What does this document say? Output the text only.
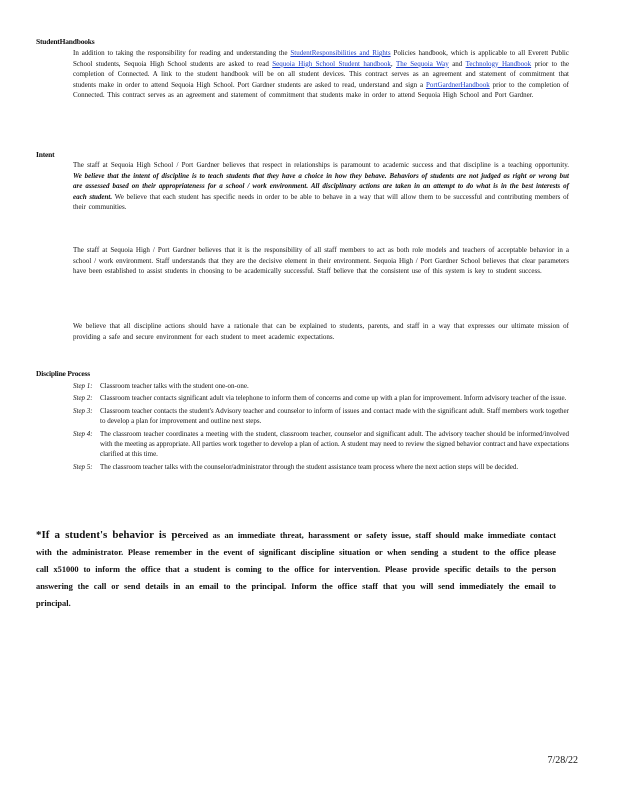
StudentHandbooks
In addition to taking the responsibility for reading and understanding the StudentResponsibilities and Rights Policies handbook, which is applicable to all Everett Public School students, Sequoia High School students are asked to read Sequoia High School Student handbook, The Sequoia Way and Technology Handbook prior to the completion of Connected. A link to the student handbook will be on all student devices. This contract serves as an agreement and statement of commitment that students make in order to attend Sequoia High School. Port Gardner students are asked to read, understand and sign a PortGardnerHandbook prior to the completion of Connected. This contract serves as an agreement and statement of commitment that students make in order to attend Sequoia High School and Port Gardner.
Intent
The staff at Sequoia High School / Port Gardner believes that respect in relationships is paramount to academic success and that discipline is a teaching opportunity. We believe that the intent of discipline is to teach students that they have a choice in how they behave. Behaviors of students are not judged as right or wrong but are assessed based on their appropriateness for a school / work environment. All disciplinary actions are taken in an attempt to do what is in the best interests of each student. We believe that each student has specific needs in order to be able to behave in a way that will allow them to be successful and contributing members of their communities.
The staff at Sequoia High / Port Gardner believes that it is the responsibility of all staff members to act as both role models and teachers of acceptable behavior in a school / work environment. Staff understands that they are the decisive element in their environment. Sequoia High / Port Gardner School believes that clear parameters have been established to assist students in choosing to be academically successful. Staff believe that the consistent use of this system is key to student success.
We believe that all discipline actions should have a rationale that can be explained to students, parents, and staff in a way that expresses our ultimate mission of providing a safe and secure environment for each student to meet academic expectations.
Discipline Process
Step 1:	Classroom teacher talks with the student one-on-one.
Step 2:	Classroom teacher contacts significant adult via telephone to inform them of concerns and come up with a plan for improvement. Inform advisory teacher of the issue.
Step 3:	Classroom teacher contacts the student's Advisory teacher and counselor to inform of issues and contact made with the significant adult. Staff members work together to develop a plan for improvement and outline next steps.
Step 4:	The classroom teacher coordinates a meeting with the student, classroom teacher, counselor and significant adult. The advisory teacher should be informed/involved with the meeting as appropriate. All parties work together to develop a plan of action. A student may need to review the signed behavior contract and have expectations clarified at this time.
Step 5:	The classroom teacher talks with the counselor/administrator through the student assistance team process where the next action steps will be decided.
*If a student's behavior is perceived as an immediate threat, harassment or safety issue, staff should make immediate contact with the administrator. Please remember in the event of significant discipline situation or when sending a student to the office please call x51000 to inform the office that a student is coming to the office for intervention. Please provide specific details to the person answering the call or send details in an email to the principal. Inform the office staff that you will send immediately the email to principal.
7/28/22
